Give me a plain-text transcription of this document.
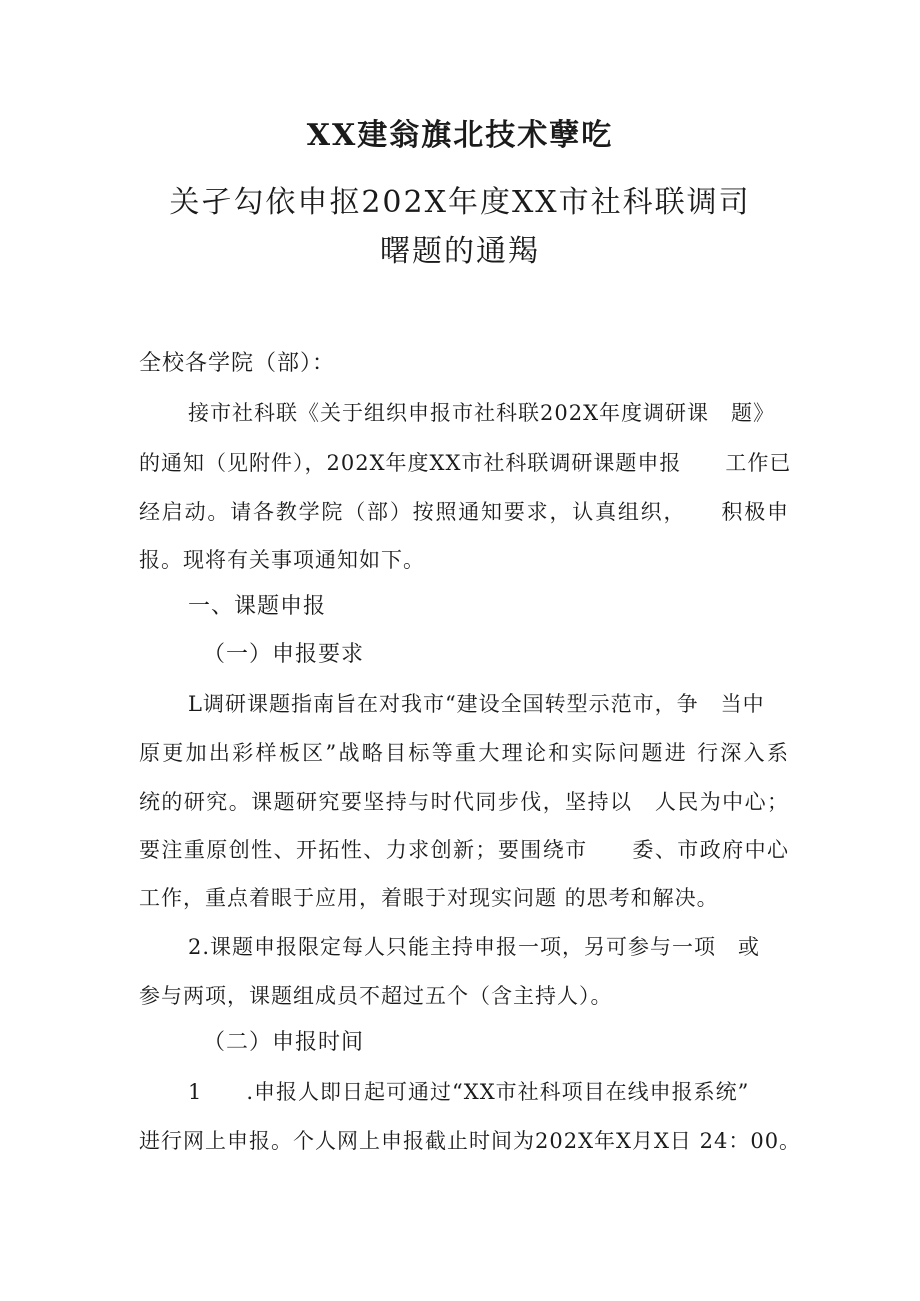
XX建翁旗北技术孽吃
关孑勾依申抠202X年度XX市社科联调司
曙题的通羯
全校各学院（部）：
接市社科联《关于组织申报市社科联202X年度调研课　题》
的通知（见附件），202X年度XX市社科联调研课题申报　　工作已
经启动。请各教学院（部）按照通知要求，认真组织，　　积极申
报。现将有关事项通知如下。
一、课题申报
（一）申报要求
L调研课题指南旨在对我市“建设全国转型示范市，争　当中
原更加出彩样板区”战略目标等重大理论和实际问题进 行深入系
统的研究。课题研究要坚持与时代同步伐，坚持以　人民为中心；
要注重原创性、开拓性、力求创新；要围绕市　　委、市政府中心
工作，重点着眼于应用，着眼于对现实问题 的思考和解决。
2.课题申报限定每人只能主持申报一项，另可参与一项　或
参与两项，课题组成员不超过五个（含主持人）。
（二）申报时间
1　　.申报人即日起可通过“XX市社科项目在线申报系统”
进行网上申报。个人网上申报截止时间为202X年X月X日 24：00。
